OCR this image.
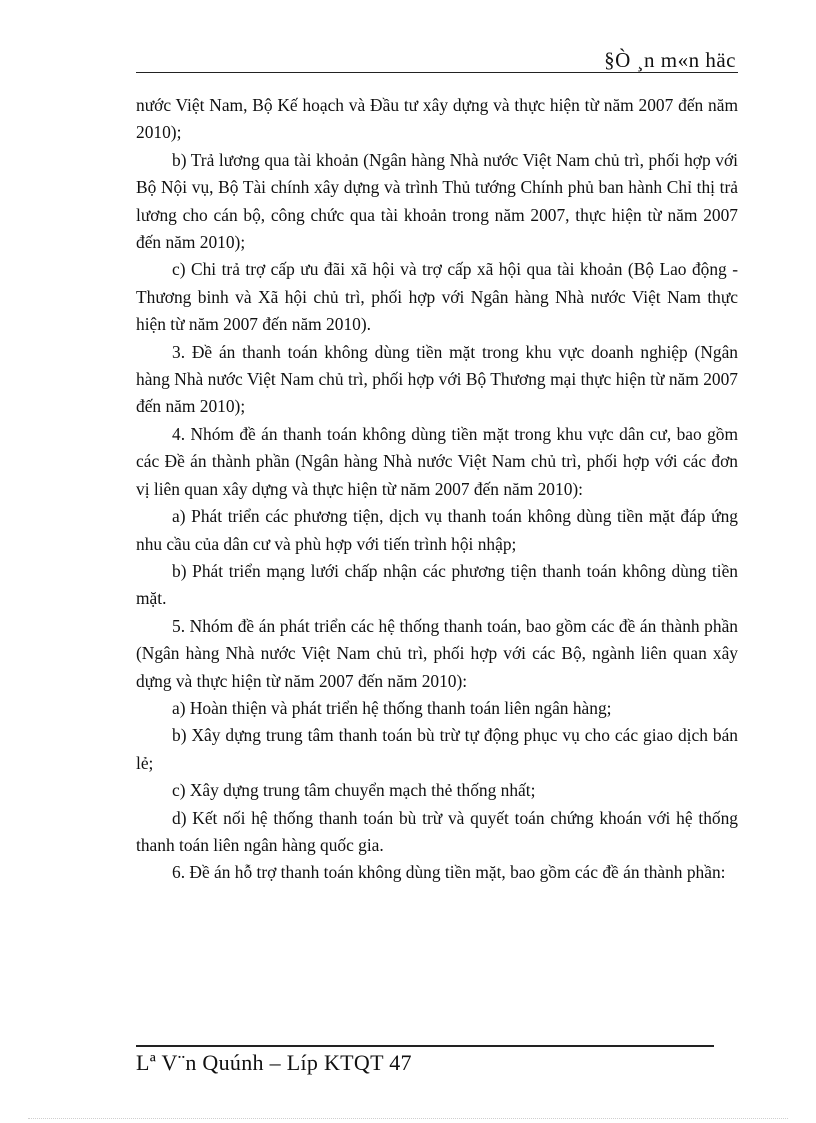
§Ò ¸n m«n häc

nước Việt Nam, Bộ Kế hoạch và Đầu tư xây dựng và thực hiện từ năm 2007 đến năm 2010);

b) Trả lương qua tài khoản (Ngân hàng Nhà nước Việt Nam chủ trì, phối hợp với Bộ Nội vụ, Bộ Tài chính xây dựng và trình Thủ tướng Chính phủ ban hành Chỉ thị trả lương cho cán bộ, công chức qua tài khoản trong năm 2007, thực hiện từ năm 2007 đến năm 2010);

c) Chi trả trợ cấp ưu đãi xã hội và trợ cấp xã hội qua tài khoản (Bộ Lao động - Thương binh và Xã hội chủ trì, phối hợp với Ngân hàng Nhà nước Việt Nam thực hiện từ năm 2007 đến năm 2010).

3. Đề án thanh toán không dùng tiền mặt trong khu vực doanh nghiệp (Ngân hàng Nhà nước Việt Nam chủ trì, phối hợp với Bộ Thương mại thực hiện từ năm 2007 đến năm 2010);

4. Nhóm đề án thanh toán không dùng tiền mặt trong khu vực dân cư, bao gồm các Đề án thành phần (Ngân hàng Nhà nước Việt Nam chủ trì, phối hợp với các đơn vị liên quan xây dựng và thực hiện từ năm 2007 đến năm 2010):

a) Phát triển các phương tiện, dịch vụ thanh toán không dùng tiền mặt đáp ứng nhu cầu của dân cư và phù hợp với tiến trình hội nhập;

b) Phát triển mạng lưới chấp nhận các phương tiện thanh toán không dùng tiền mặt.

5. Nhóm đề án phát triển các hệ thống thanh toán, bao gồm các đề án thành phần (Ngân hàng Nhà nước Việt Nam chủ trì, phối hợp với các Bộ, ngành liên quan xây dựng và thực hiện từ năm 2007 đến năm 2010):

a) Hoàn thiện và phát triển hệ thống thanh toán liên ngân hàng;

b) Xây dựng trung tâm thanh toán bù trừ tự động phục vụ cho các giao dịch bán lẻ;

c) Xây dựng trung tâm chuyển mạch thẻ thống nhất;

d) Kết nối hệ thống thanh toán bù trừ và quyết toán chứng khoán với hệ thống thanh toán liên ngân hàng quốc gia.

6. Đề án hỗ trợ thanh toán không dùng tiền mặt, bao gồm các đề án thành phần:

Lª V¨n Quúnh – Líp KTQT 47
